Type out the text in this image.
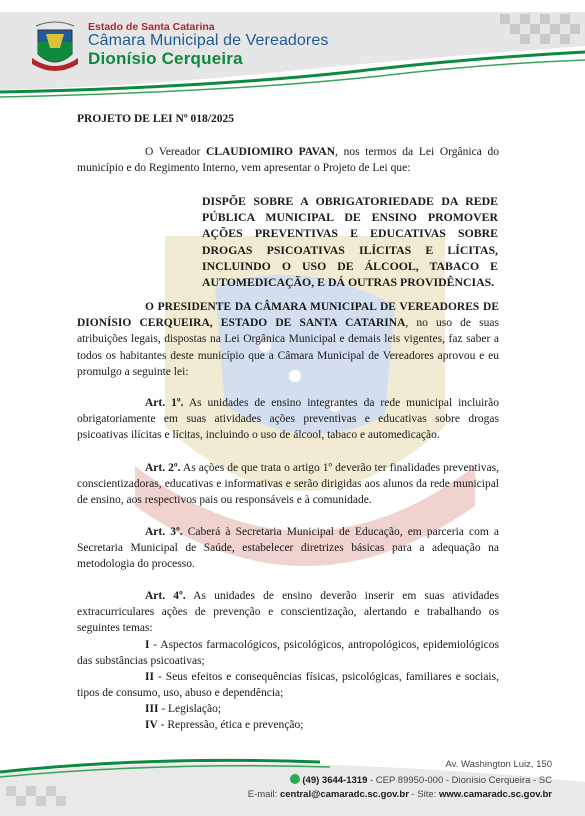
Estado de Santa Catarina
Câmara Municipal de Vereadores
Dionísio Cerqueira
PROJETO DE LEI Nº 018/2025
O Vereador CLAUDIOMIRO PAVAN, nos termos da Lei Orgânica do município e do Regimento Interno, vem apresentar o Projeto de Lei que:
DISPÕE SOBRE A OBRIGATORIEDADE DA REDE PÚBLICA MUNICIPAL DE ENSINO PROMOVER AÇÕES PREVENTIVAS E EDUCATIVAS SOBRE DROGAS PSICOATIVAS ILÍCITAS E LÍCITAS, INCLUINDO O USO DE ÁLCOOL, TABACO E AUTOMEDICAÇÃO, E DÁ OUTRAS PROVIDÊNCIAS.
O PRESIDENTE DA CÂMARA MUNICIPAL DE VEREADORES DE DIONÍSIO CERQUEIRA, ESTADO DE SANTA CATARINA, no uso de suas atribuições legais, dispostas na Lei Orgânica Municipal e demais leis vigentes, faz saber a todos os habitantes deste município que a Câmara Municipal de Vereadores aprovou e eu promulgo a seguinte lei:
Art. 1º. As unidades de ensino integrantes da rede municipal incluirão obrigatoriamente em suas atividades ações preventivas e educativas sobre drogas psicoativas ilícitas e lícitas, incluindo o uso de álcool, tabaco e automedicação.
Art. 2º. As ações de que trata o artigo 1º deverão ter finalidades preventivas, conscientizadoras, educativas e informativas e serão dirigidas aos alunos da rede municipal de ensino, aos respectivos pais ou responsáveis e à comunidade.
Art. 3º. Caberá à Secretaria Municipal de Educação, em parceria com a Secretaria Municipal de Saúde, estabelecer diretrizes básicas para a adequação na metodologia do processo.
Art. 4º. As unidades de ensino deverão inserir em suas atividades extracurriculares ações de prevenção e conscientização, alertando e trabalhando os seguintes temas:
I - Aspectos farmacológicos, psicológicos, antropológicos, epidemiológicos das substâncias psicoativas;
II - Seus efeitos e consequências físicas, psicológicas, familiares e sociais, tipos de consumo, uso, abuso e dependência;
III - Legislação;
IV - Repressão, ética e prevenção;
Av. Washington Luiz, 150
(49) 3644-1319 - CEP 89950-000 - Dionísio Cerqueira - SC
E-mail: central@camaradc.sc.gov.br - Site: www.camaradc.sc.gov.br
